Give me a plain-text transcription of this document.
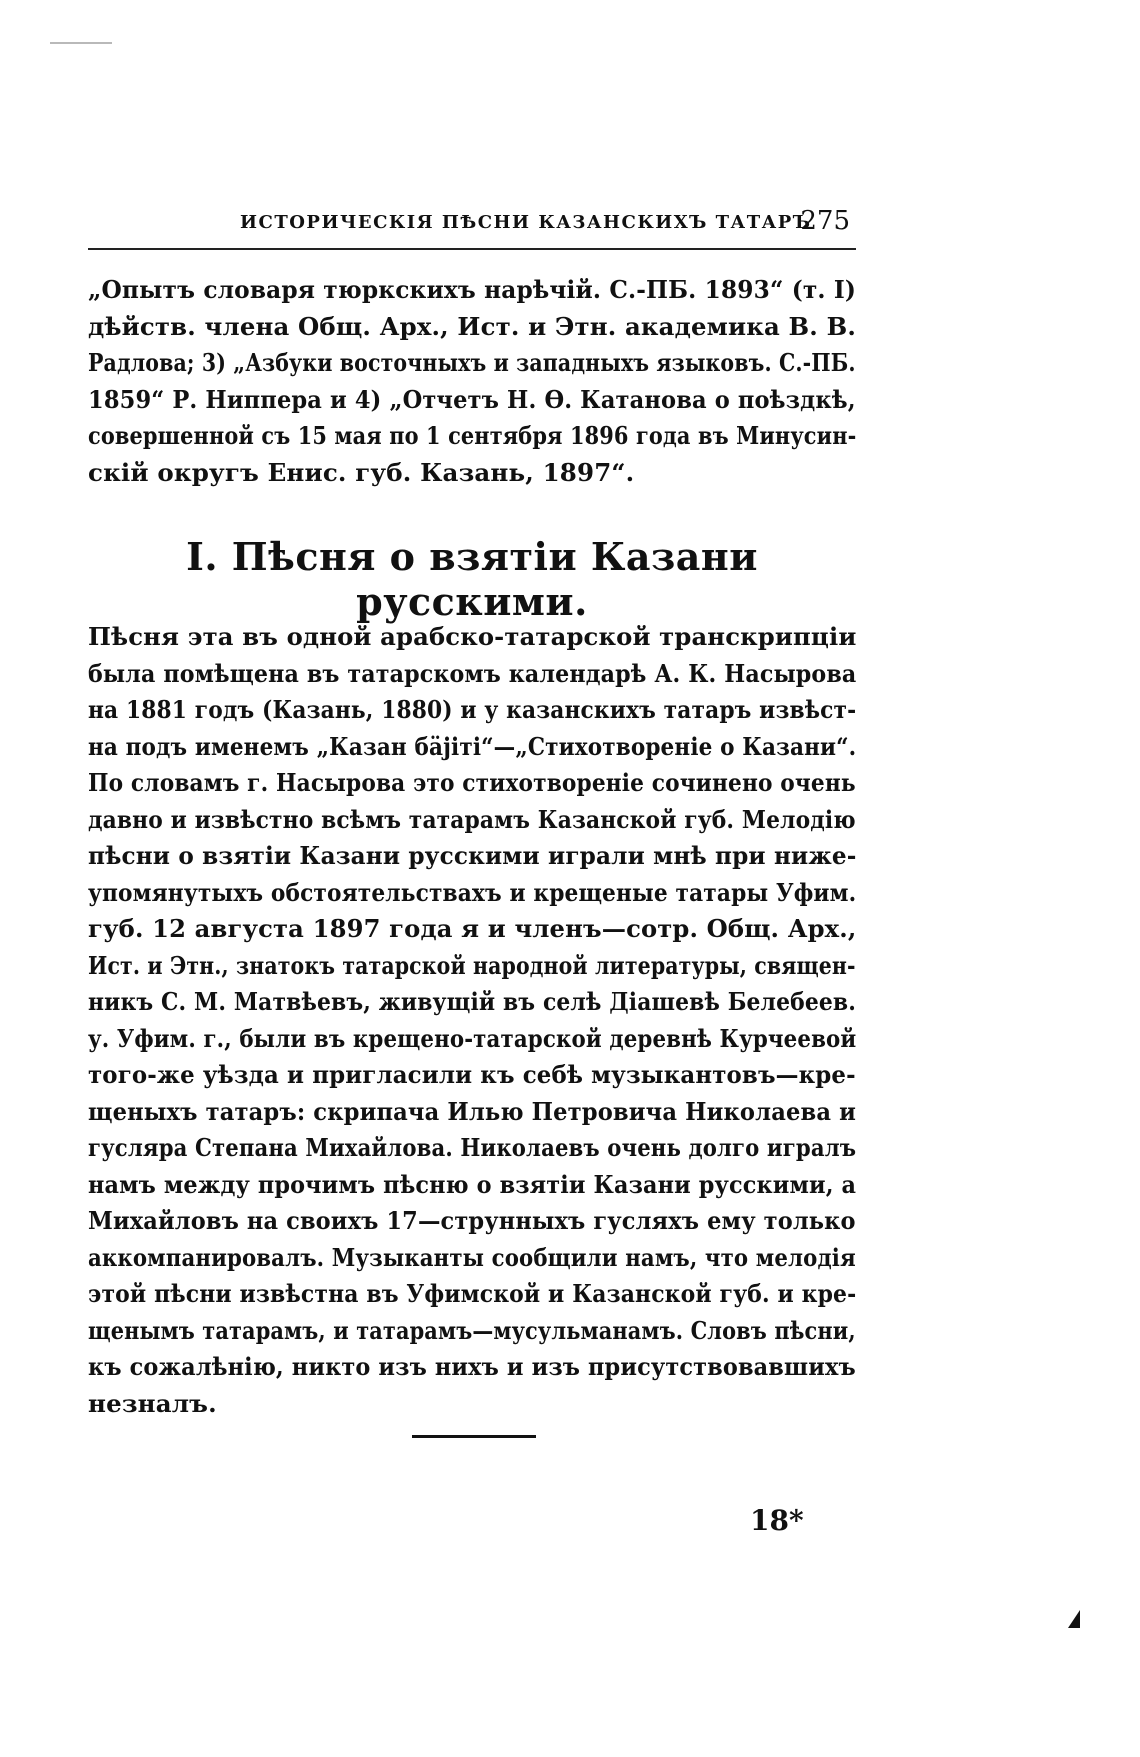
ИСТОРИЧЕСКІЯ ПѢСНИ КАЗАНСКИХЪ ТАТАРЪ
275
„Опытъ словаря тюркскихъ нарѣчій. С.-ПБ. 1893“ (т. I)
дѣйств. члена Общ. Арх., Ист. и Этн. академика В. В.
Радлова; 3) „Азбуки восточныхъ и западныхъ языковъ. С.-ПБ.
1859“ Р. Ниппера и 4) „Отчетъ Н. Ѳ. Катанова о поѣздкѣ,
совершенной съ 15 мая по 1 сентября 1896 года въ Минусин-
скій округъ Енис. губ. Казань, 1897“.
I. Пѣсня о взятіи Казани русскими.
Пѣсня эта въ одной арабско-татарской транскрипціи
была помѣщена въ татарскомъ календарѣ А. К. Насырова
на 1881 годъ (Казань, 1880) и у казанскихъ татаръ извѣст-
на подъ именемъ „Казан бäjiтi“—„Стихотвореніе о Казани“.
По словамъ г. Насырова это стихотвореніе сочинено очень
давно и извѣстно всѣмъ татарамъ Казанской губ. Мелодію
пѣсни о взятіи Казани русскими играли мнѣ при ниже-
упомянутыхъ обстоятельствахъ и крещеные татары Уфим.
губ. 12 августа 1897 года я и членъ—сотр. Общ. Арх.,
Ист. и Этн., знатокъ татарской народной литературы, священ-
никъ С. М. Матвѣевъ, живущій въ селѣ Діашевѣ Белебеев.
у. Уфим. г., были въ крещено-татарской деревнѣ Курчеевой
того-же уѣзда и пригласили къ себѣ музыкантовъ—кре-
щеныхъ татаръ: скрипача Илью Петровича Николаева и
гусляра Степана Михайлова. Николаевъ очень долго игралъ
намъ между прочимъ пѣсню о взятіи Казани русскими, а
Михайловъ на своихъ 17—струнныхъ гусляхъ ему только
аккомпанировалъ. Музыканты сообщили намъ, что мелодія
этой пѣсни извѣстна въ Уфимской и Казанской губ. и кре-
щенымъ татарамъ, и татарамъ—мусульманамъ. Словъ пѣсни,
къ сожалѣнію, никто изъ нихъ и изъ присутствовавшихъ
незналъ.
18*
